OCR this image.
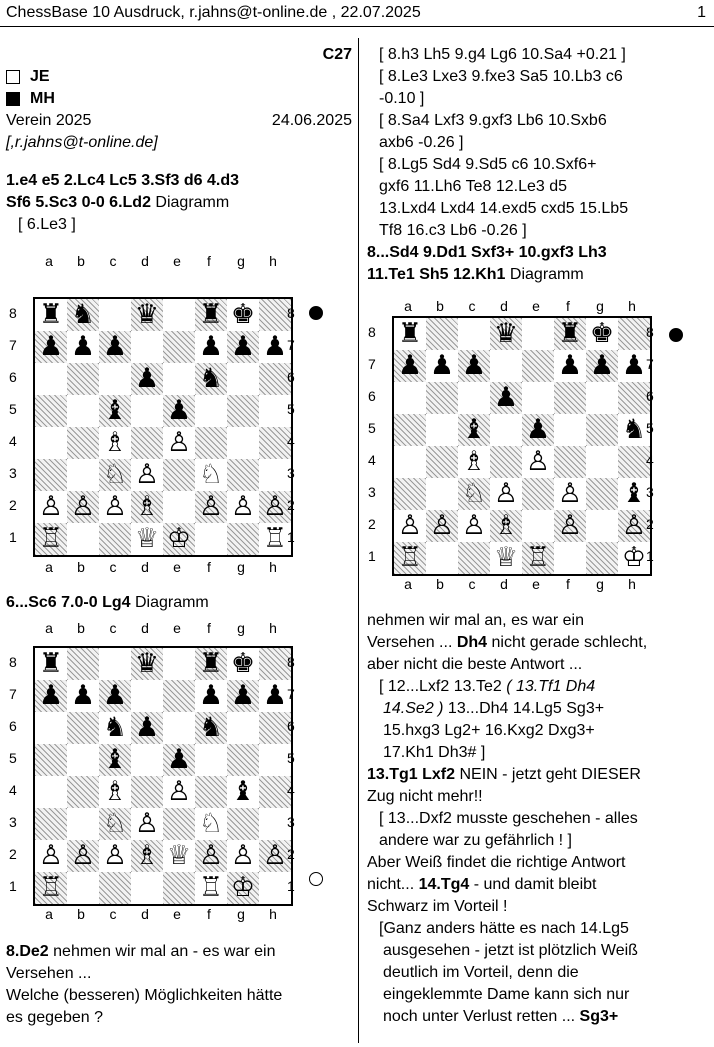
ChessBase 10 Ausdruck, r.jahns@t-online.de , 22.07.2025	1
C27
JE
MH
Verein 2025	24.06.2025
[,r.jahns@t-online.de]
1.e4 e5 2.Lc4 Lc5 3.Sf3 d6 4.d3
Sf6 5.Sc3 0-0 6.Ld2 Diagramm
[ 6.Le3 ]
a	b	c	d	e	f	g	h
8
7
6
5
4
3
2
1
♜ ♞ ♛ ♜ ♚
♟ ♟ ♟	♟ ♟ ♟
♟ ♞
♝ ♟
♗ ♙
♘ ♙ ♘
♙ ♙ ♙ ♗ ♙ ♙ ♙
♖	♕ ♔	♖
8
7
6
5
4
3
2
1
a	b	c	d	e	f	g	h
6...Sc6 7.0-0 Lg4 Diagramm
a	b	c	d	e	f	g	h
8
7
6
5
4
3
2
1
♜	♛ ♜ ♚
♟ ♟ ♟	♟ ♟ ♟
♞ ♟ ♞
♝ ♟
♗ ♙ ♝
♘ ♙ ♘
♙ ♙ ♙ ♗ ♕ ♙ ♙ ♙
♖	♖ ♔
8
7
6
5
4
3
2
1
a	b	c	d	e	f	g	h
8.De2 nehmen wir mal an - es war ein
Versehen ...
Welche (besseren) Möglichkeiten hätte
es gegeben ?
[ 8.h3 Lh5 9.g4 Lg6 10.Sa4 +0.21 ]
[ 8.Le3 Lxe3 9.fxe3 Sa5 10.Lb3 c6
-0.10 ]
[ 8.Sa4 Lxf3 9.gxf3 Lb6 10.Sxb6
axb6 -0.26 ]
[ 8.Lg5 Sd4 9.Sd5 c6 10.Sxf6+
gxf6 11.Lh6 Te8 12.Le3 d5
13.Lxd4 Lxd4 14.exd5 cxd5 15.Lb5
Tf8 16.c3 Lb6 -0.26 ]
8...Sd4 9.Dd1 Sxf3+ 10.gxf3 Lh3
11.Te1 Sh5 12.Kh1 Diagramm
a	b	c	d	e	f	g	h
8
7
6
5
4
3
2
1
♜	♛ ♜ ♚
♟ ♟ ♟	♟ ♟ ♟
♟
♝ ♟	♞
♗ ♙
♘ ♙ ♙ ♝
♙ ♙ ♙ ♗ ♙ ♙
♖	♕ ♖	♔
8
7
6
5
4
3
2
1
a	b	c	d	e	f	g	h
nehmen wir mal an, es war ein
Versehen ... Dh4 nicht gerade schlecht,
aber nicht die beste Antwort ...
[ 12...Lxf2 13.Te2 ( 13.Tf1 Dh4
14.Se2 ) 13...Dh4 14.Lg5 Sg3+
15.hxg3 Lg2+ 16.Kxg2 Dxg3+
17.Kh1 Dh3# ]
13.Tg1 Lxf2 NEIN - jetzt geht DIESER
Zug nicht mehr!!
[ 13...Dxf2 musste geschehen - alles
andere war zu gefährlich ! ]
Aber Weiß findet die richtige Antwort
nicht... 14.Tg4 - und damit bleibt
Schwarz im Vorteil !
[Ganz anders hätte es nach 14.Lg5
ausgesehen - jetzt ist plötzlich Weiß
deutlich im Vorteil, denn die
eingeklemmte Dame kann sich nur
noch unter Verlust retten ... Sg3+
